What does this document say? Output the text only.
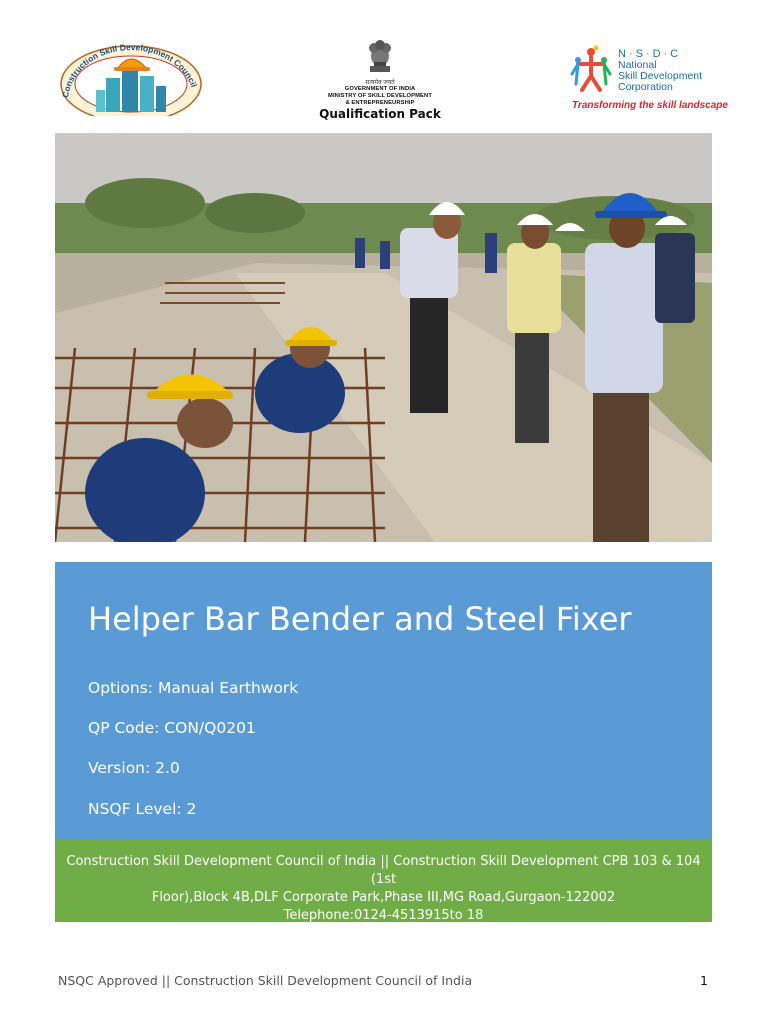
Construction Skill Development Council	सत्यमेव जयते
GOVERNMENT OF INDIA
MINISTRY OF SKILL DEVELOPMENT
& ENTREPRENEURSHIP
Qualification Pack
N·S·D·C
National
Skill Development
Corporation
Transforming the skill landscape
Helper Bar Bender and Steel Fixer
Options: Manual Earthwork
QP Code: CON/Q0201
Version: 2.0
NSQF Level: 2
Construction Skill Development Council of India || Construction Skill Development CPB 103 & 104 (1st
Floor),Block 4B,DLF Corporate Park,Phase III,MG Road,Gurgaon-122002
Telephone:0124-4513915to 18
NSQC Approved || Construction Skill Development Council of India	1
